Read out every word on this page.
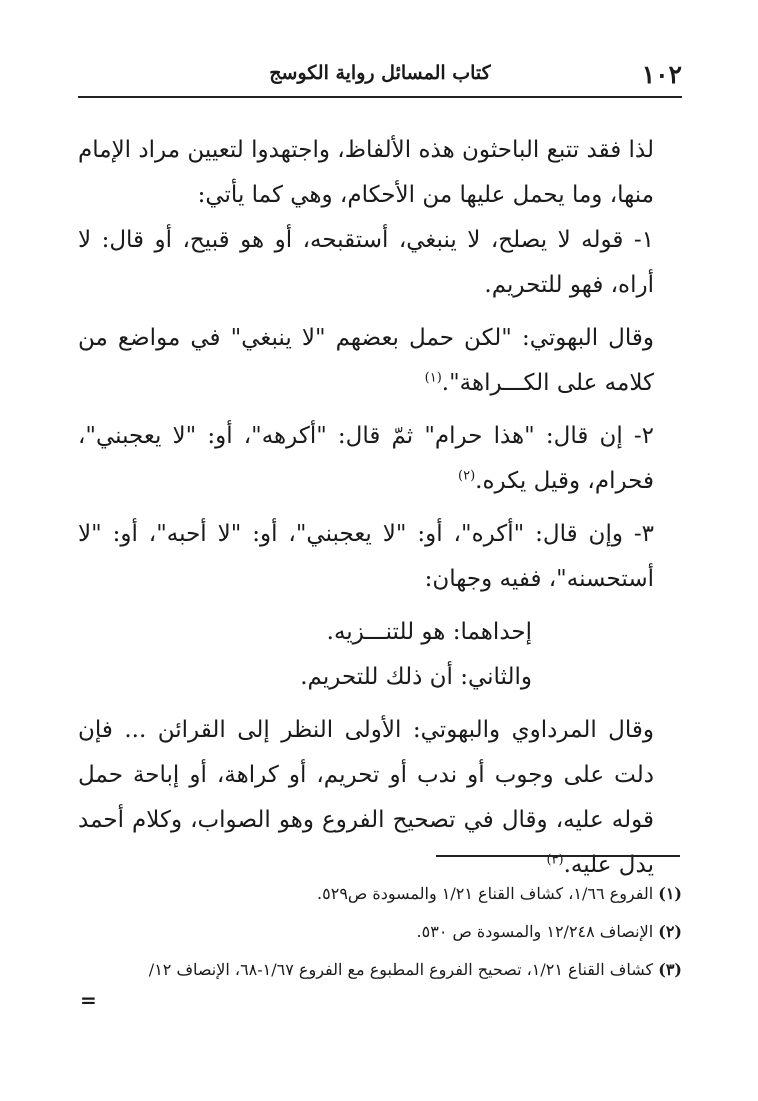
١٠٢
كتاب المسائل رواية الكوسج

لذا فقد تتبع الباحثون هذه الألفاظ، واجتهدوا لتعيين مراد الإمام منها، وما يحمل عليها من الأحكام، وهي كما يأتي:

١- قوله لا يصلح، لا ينبغي، أستقبحه، أو هو قبيح، أو قال: لا أراه، فهو للتحريم.

وقال البهوتي: "لكن حمل بعضهم "لا ينبغي" في مواضع من كلامه على الكـــراهة".$^{(١)}$

٢- إن قال: "هذا حرام" ثمّ قال: "أكرهه"، أو: "لا يعجبني"، فحرام، وقيل يكره.$^{(٢)}$

٣- وإن قال: "أكره"، أو: "لا يعجبني"، أو: "لا أحبه"، أو: "لا أستحسنه"، ففيه وجهان:

إحداهما: هو للتنـــزيه.

والثاني: أن ذلك للتحريم.

وقال المرداوي والبهوتي: الأولى النظر إلى القرائن ... فإن دلت على وجوب أو ندب أو تحريم، أو كراهة، أو إباحة حمل قوله عليه، وقال في تصحيح الفروع وهو الصواب، وكلام أحمد يدل عليه.$^{(٣)}$

(١) الفروع ١/٦٦، كشاف القناع ١/٢١ والمسودة ص٥٢٩.

(٢) الإنصاف ١٢/٢٤٨ والمسودة ص ٥٣٠.

(٣) كشاف القناع ١/٢١، تصحيح الفروع المطبوع مع الفروع ١/٦٧-٦٨، الإنصاف ١٢/

=
